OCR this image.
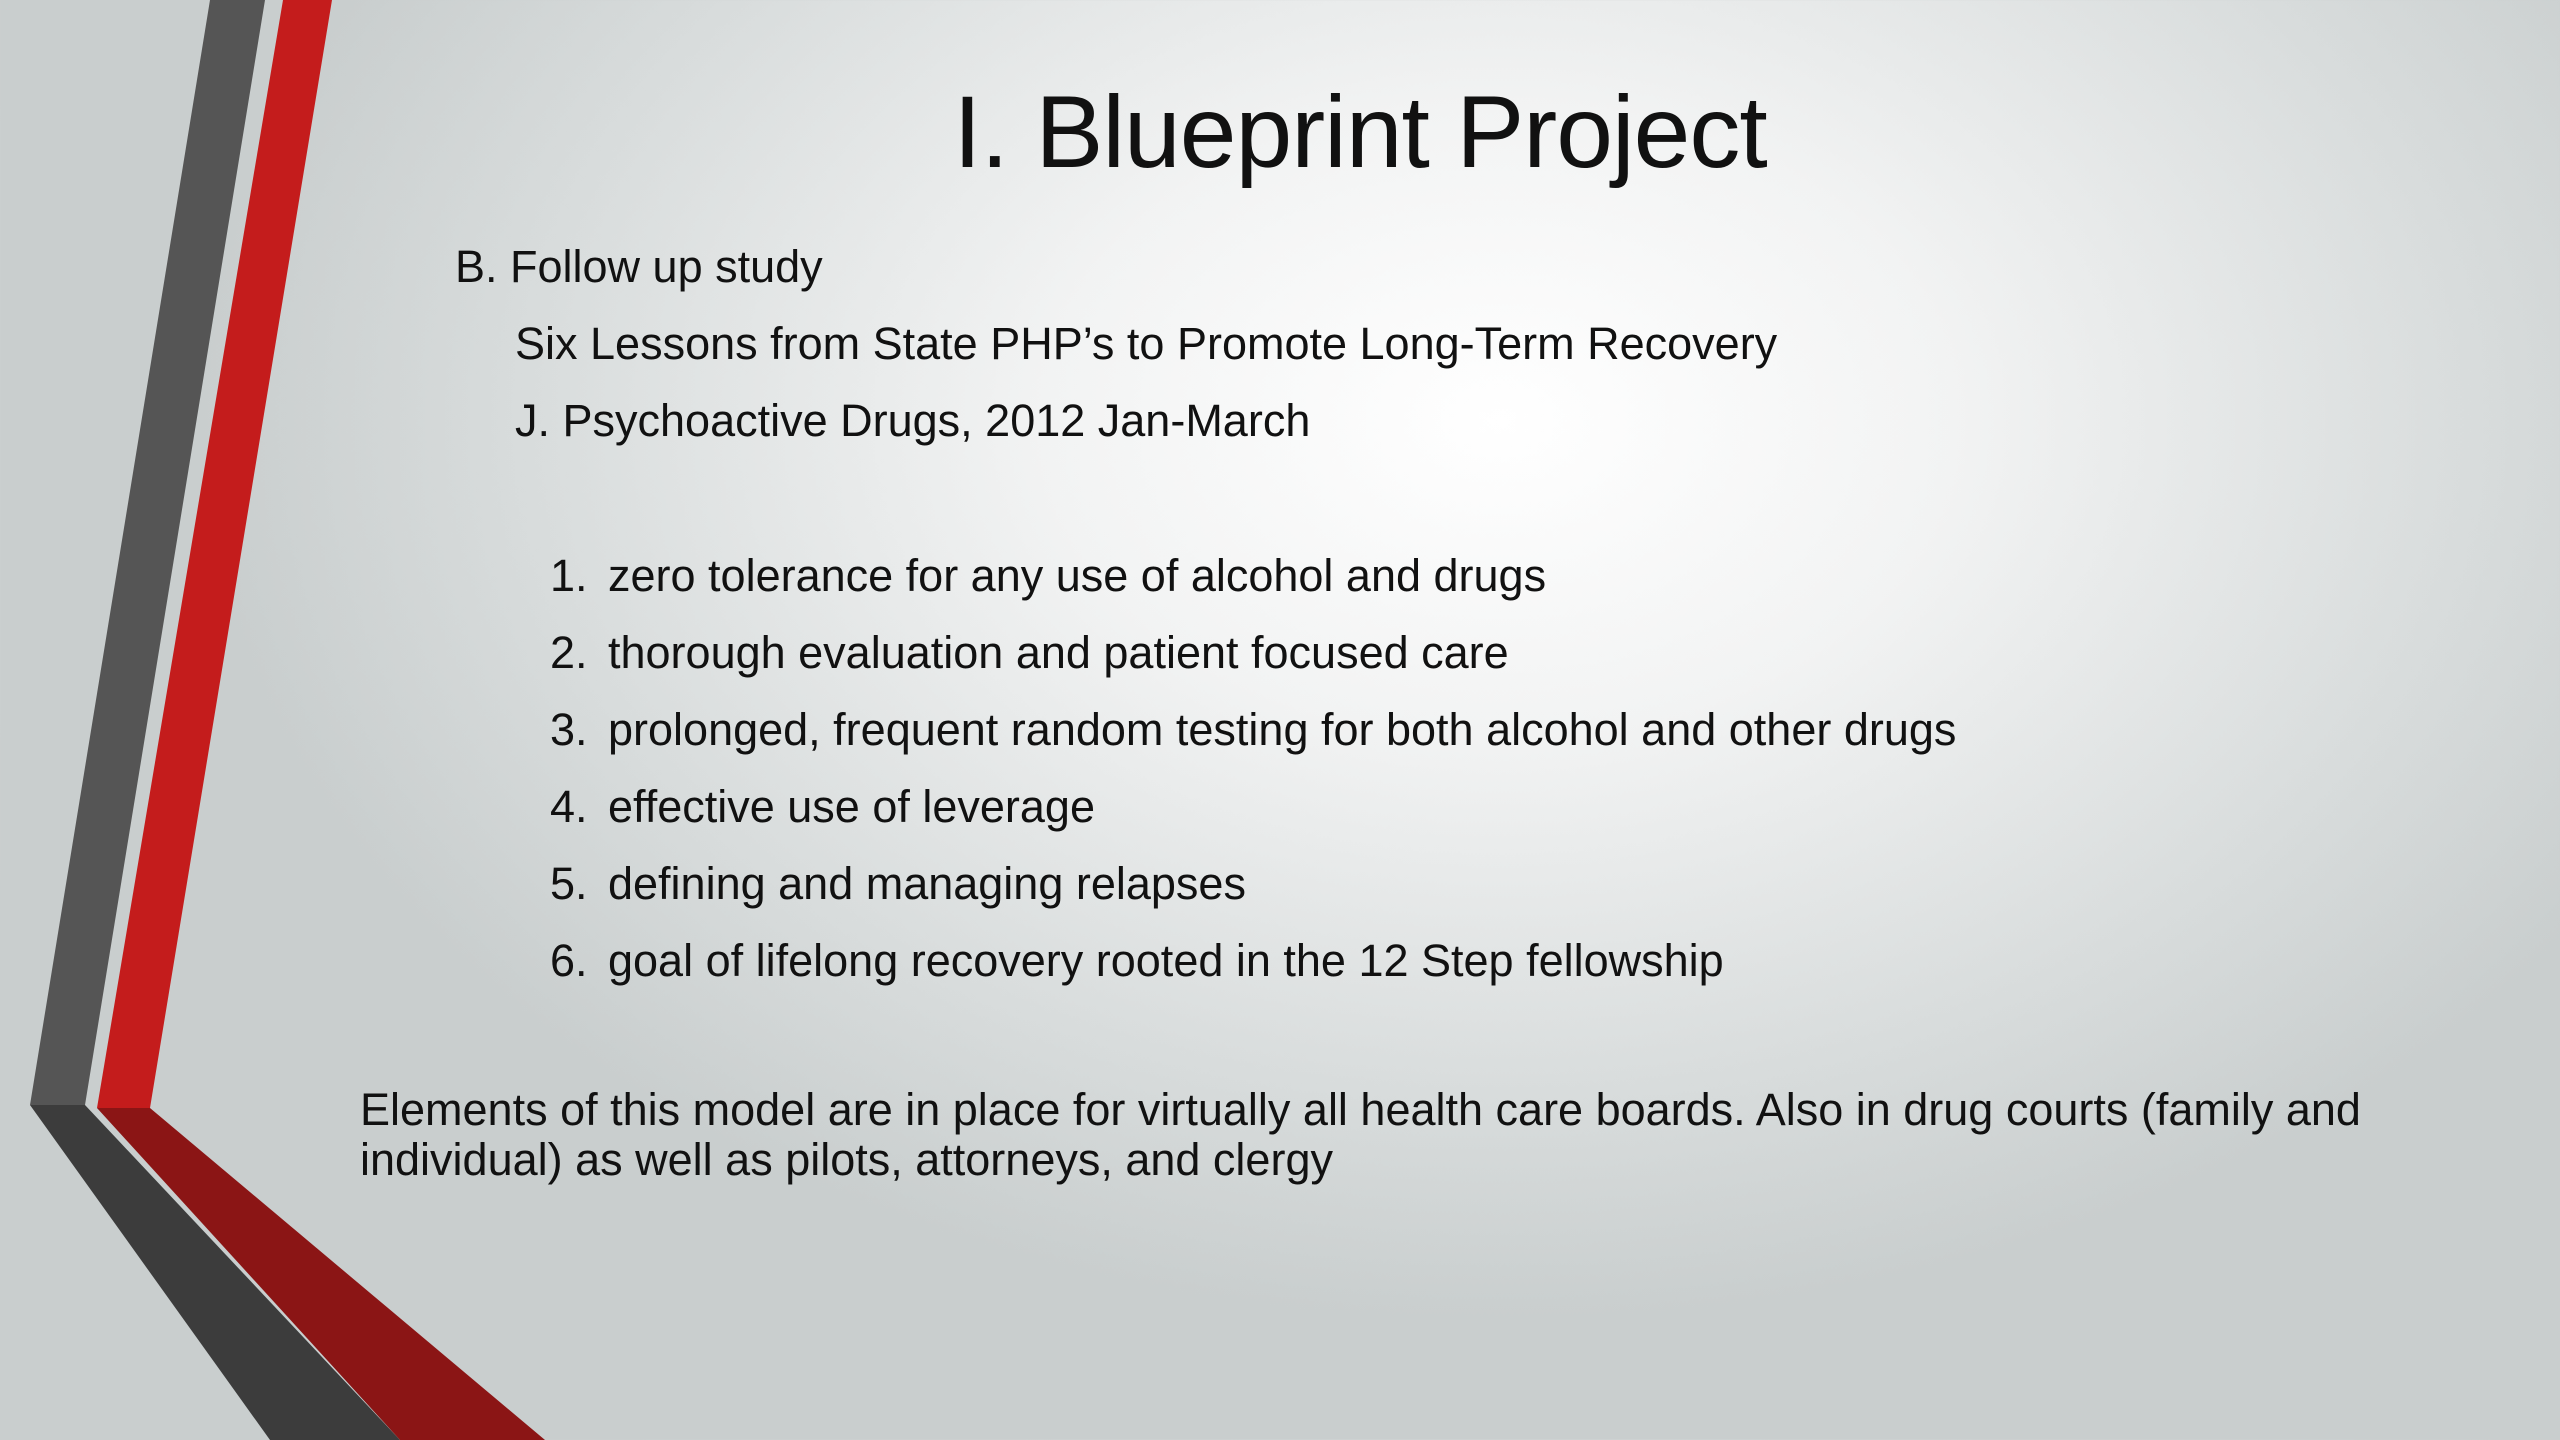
I. Blueprint Project
B. Follow up study
Six Lessons from State PHP’s to Promote Long-Term Recovery
J. Psychoactive Drugs, 2012 Jan-March
1. zero tolerance for any use of alcohol and drugs
2. thorough evaluation and patient focused care
3. prolonged, frequent random testing for both alcohol and other drugs
4. effective use of leverage
5. defining and managing relapses
6. goal of lifelong recovery rooted in the 12 Step fellowship
Elements of this model are in place for virtually all health care boards. Also in drug courts (family and individual) as well as pilots, attorneys, and clergy
